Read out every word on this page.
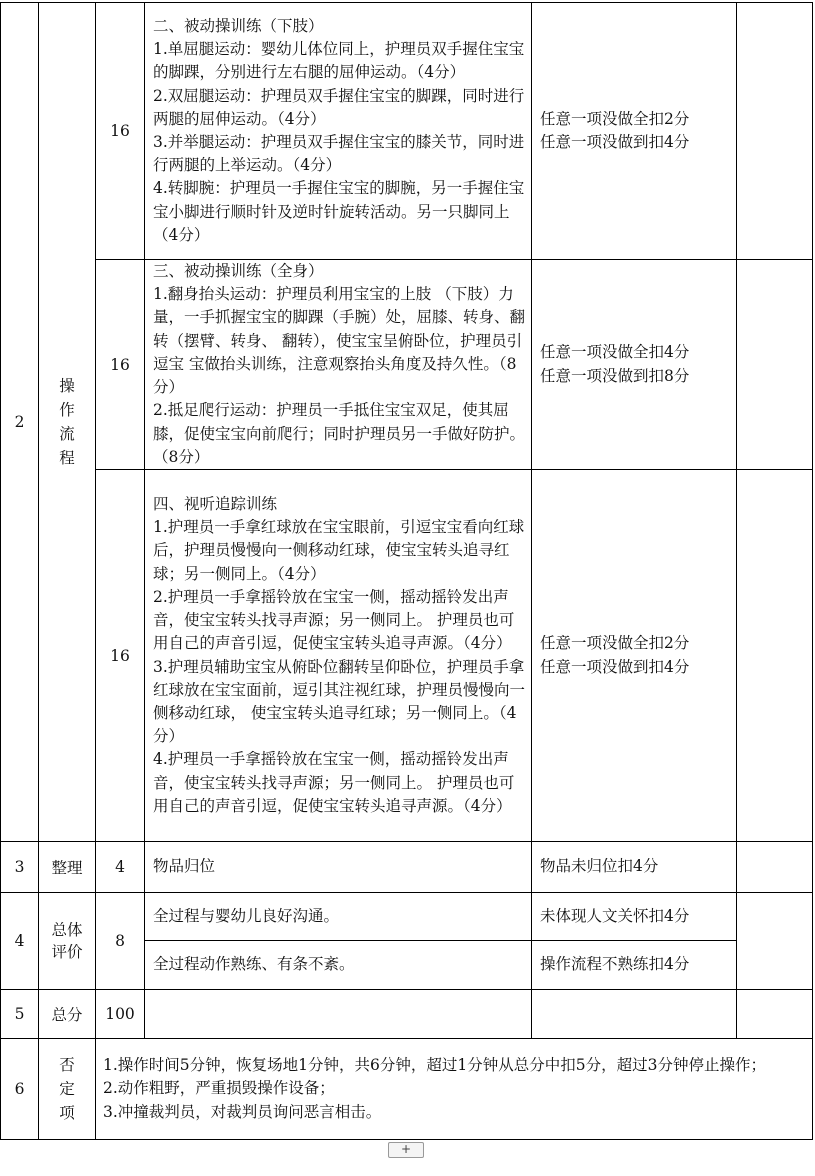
2	操作流程	16	二、被动操训练（下肢）
1.单屈腿运动：婴幼儿体位同上，护理员双手握住宝宝的脚踝，分别进行左右腿的屈伸运动。（4分）
2.双屈腿运动：护理员双手握住宝宝的脚踝，同时进行两腿的屈伸运动。（4分）
3.并举腿运动：护理员双手握住宝宝的膝关节，同时进行两腿的上举运动。（4分）
4.转脚腕：护理员一手握住宝宝的脚腕，另一手握住宝宝小脚进行顺时针及逆时针旋转活动。另一只脚同上（4分）	任意一项没做全扣2分
任意一项没做到扣4分	

		16	三、被动操训练（全身）
1.翻身抬头运动：护理员利用宝宝的上肢 （下肢）力量，一手抓握宝宝的脚踝（手腕）处，屈膝、转身、翻转（摆臂、转身、 翻转），使宝宝呈俯卧位，护理员引逗宝 宝做抬头训练，注意观察抬头角度及持久性。（8分）
2.抵足爬行运动：护理员一手抵住宝宝双足，使其屈膝，促使宝宝向前爬行；同时护理员另一手做好防护。（8分）	任意一项没做全扣4分
任意一项没做到扣8分	

		16	四、视听追踪训练
1.护理员一手拿红球放在宝宝眼前，引逗宝宝看向红球后，护理员慢慢向一侧移动红球，使宝宝转头追寻红球；另一侧同上。（4分）
2.护理员一手拿摇铃放在宝宝一侧，摇动摇铃发出声音，使宝宝转头找寻声源；另一侧同上。 护理员也可用自己的声音引逗，促使宝宝转头追寻声源。（4分）
3.护理员辅助宝宝从俯卧位翻转呈仰卧位，护理员手拿红球放在宝宝面前，逗引其注视红球，护理员慢慢向一侧移动红球， 使宝宝转头追寻红球；另一侧同上。（4分）
4.护理员一手拿摇铃放在宝宝一侧，摇动摇铃发出声音，使宝宝转头找寻声源；另一侧同上。 护理员也可用自己的声音引逗，促使宝宝转头追寻声源。（4分）	任意一项没做全扣2分
任意一项没做到扣4分	

3	整理	4	物品归位	物品未归位扣4分	
4	总体评价	8	全过程与婴幼儿良好沟通。	未体现人文关怀扣4分	
			全过程动作熟练、有条不紊。	操作流程不熟练扣4分	
5	总分	100			
6	否定项	1.操作时间5分钟，恢复场地1分钟，共6分钟，超过1分钟从总分中扣5分，超过3分钟停止操作；
2.动作粗野，严重损毁操作设备；
3.冲撞裁判员，对裁判员询问恶言相击。			
+
